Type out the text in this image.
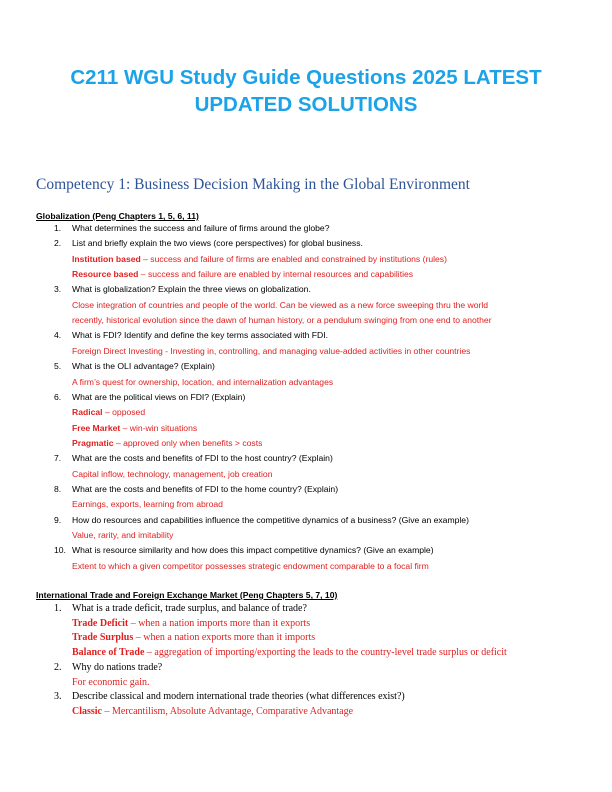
C211 WGU Study Guide Questions 2025 LATEST UPDATED SOLUTIONS
Competency 1: Business Decision Making in the Global Environment
Globalization (Peng Chapters 1, 5, 6, 11)
1.	What determines the success and failure of firms around the globe?
2.	List and briefly explain the two views (core perspectives) for global business.
Institution based – success and failure of firms are enabled and constrained by institutions (rules)
Resource based – success and failure are enabled by internal resources and capabilities
3.	What is globalization? Explain the three views on globalization.
Close integration of countries and people of the world. Can be viewed as a new force sweeping thru the world
recently, historical evolution since the dawn of human history, or a pendulum swinging from one end to another
4.	What is FDI? Identify and define the key terms associated with FDI.
Foreign Direct Investing - Investing in, controlling, and managing value-added activities in other countries
5.	What is the OLI advantage? (Explain)
A firm’s quest for ownership, location, and internalization advantages
6.	What are the political views on FDI? (Explain)
Radical – opposed
Free Market – win-win situations
Pragmatic – approved only when benefits > costs
7.	What are the costs and benefits of FDI to the host country? (Explain)
Capital inflow, technology, management, job creation
8.	What are the costs and benefits of FDI to the home country? (Explain)
Earnings, exports, learning from abroad
9.	How do resources and capabilities influence the competitive dynamics of a business? (Give an example)
Value, rarity, and imitability
10. What is resource similarity and how does this impact competitive dynamics? (Give an example)
Extent to which a given competitor possesses strategic endowment comparable to a focal firm
International Trade and Foreign Exchange Market (Peng Chapters 5, 7, 10)
1.	What is a trade deficit, trade surplus, and balance of trade?
Trade Deficit – when a nation imports more than it exports
Trade Surplus – when a nation exports more than it imports
Balance of Trade – aggregation of importing/exporting the leads to the country-level trade surplus or deficit
2.	Why do nations trade?
For economic gain.
3.	Describe classical and modern international trade theories (what differences exist?)
Classic – Mercantilism, Absolute Advantage, Comparative Advantage
